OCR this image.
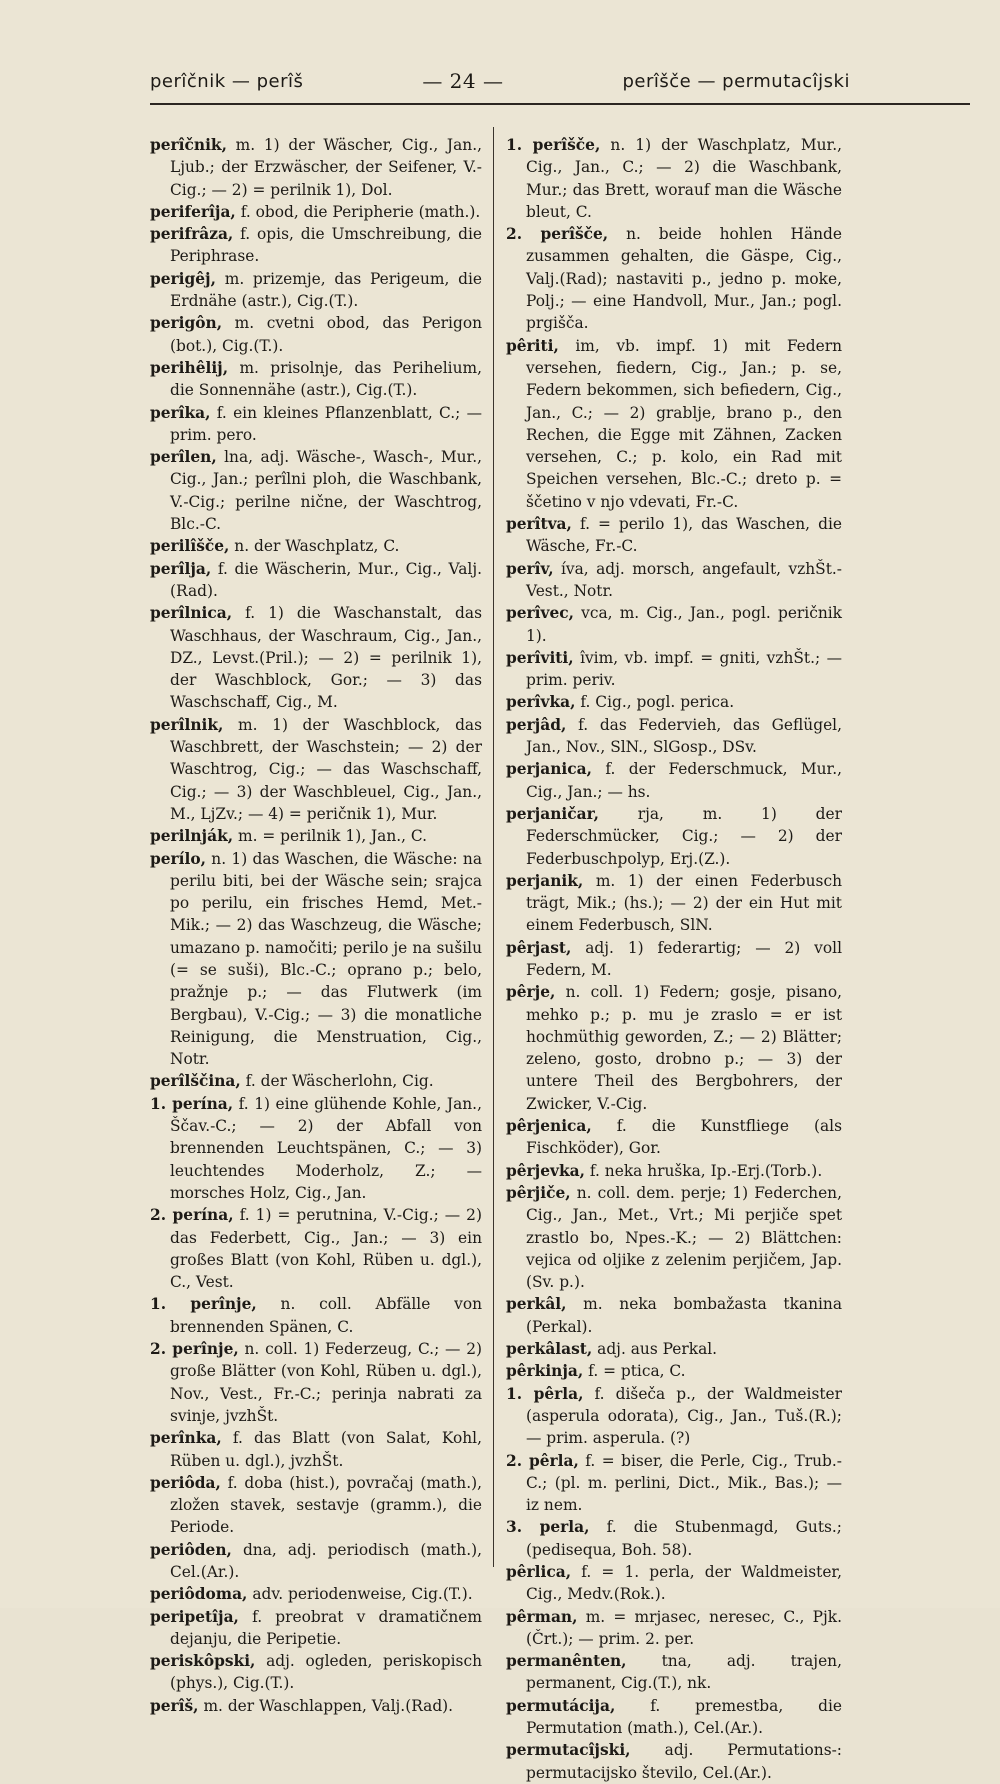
perîčnik — perîš	— 24 —	perîšče — permutacîjski
perîčnik, m. 1) der Wäscher, Cig., Jan., Ljub.; der Erzwäscher, der Seifener, V.-Cig.; — 2) = perilnik 1), Dol.
periferîja, f. obod, die Peripherie (math.).
perifrâza, f. opis, die Umschreibung, die Periphrase.
perigêj, m. prizemje, das Perigeum, die Erdnähe (astr.), Cig.(T.).
perigôn, m. cvetni obod, das Perigon (bot.), Cig.(T.).
perihêlij, m. prisolnje, das Perihelium, die Sonnennähe (astr.), Cig.(T.).
perîka, f. ein kleines Pflanzenblatt, C.; — prim. pero.
perîlen, lna, adj. Wäsche-, Wasch-, Mur., Cig., Jan.; perîlni ploh, die Waschbank, V.-Cig.; perilne nične, der Waschtrog, Blc.-C.
perilîšče, n. der Waschplatz, C.
perîlja, f. die Wäscherin, Mur., Cig., Valj.(Rad).
perîlnica, f. 1) die Waschanstalt, das Waschhaus, der Waschraum, Cig., Jan., DZ., Levst.(Pril.); — 2) = perilnik 1), der Waschblock, Gor.; — 3) das Waschschaff, Cig., M.
perîlnik, m. 1) der Waschblock, das Waschbrett, der Waschstein; — 2) der Waschtrog, Cig.; — das Waschschaff, Cig.; — 3) der Waschbleuel, Cig., Jan., M., LjZv.; — 4) = peričnik 1), Mur.
perilnják, m. = perilnik 1), Jan., C.
perílo, n. 1) das Waschen, die Wäsche: na perilu biti, bei der Wäsche sein; srajca po perilu, ein frisches Hemd, Met.-Mik.; — 2) das Waschzeug, die Wäsche; umazano p. namočiti; perilo je na sušilu (= se suši), Blc.-C.; oprano p.; belo, pražnje p.; — das Flutwerk (im Bergbau), V.-Cig.; — 3) die monatliche Reinigung, die Menstruation, Cig., Notr.
perîlščina, f. der Wäscherlohn, Cig.
1. perína, f. 1) eine glühende Kohle, Jan., Ščav.-C.; — 2) der Abfall von brennenden Leuchtspänen, C.; — 3) leuchtendes Moderholz, Z.; — morsches Holz, Cig., Jan.
2. perína, f. 1) = perutnina, V.-Cig.; — 2) das Federbett, Cig., Jan.; — 3) ein großes Blatt (von Kohl, Rüben u. dgl.), C., Vest.
1. perînje, n. coll. Abfälle von brennenden Spänen, C.
2. perînje, n. coll. 1) Federzeug, C.; — 2) große Blätter (von Kohl, Rüben u. dgl.), Nov., Vest., Fr.-C.; perinja nabrati za svinje, jvzhŠt.
perînka, f. das Blatt (von Salat, Kohl, Rüben u. dgl.), jvzhŠt.
periôda, f. doba (hist.), povračaj (math.), zložen stavek, sestavje (gramm.), die Periode.
periôden, dna, adj. periodisch (math.), Cel.(Ar.).
periôdoma, adv. periodenweise, Cig.(T.).
peripetîja, f. preobrat v dramatičnem dejanju, die Peripetie.
periskôpski, adj. ogleden, periskopisch (phys.), Cig.(T.).
perîš, m. der Waschlappen, Valj.(Rad).
1. perîšče, n. 1) der Waschplatz, Mur., Cig., Jan., C.; — 2) die Waschbank, Mur.; das Brett, worauf man die Wäsche bleut, C.
2. perîšče, n. beide hohlen Hände zusammen gehalten, die Gäspe, Cig., Valj.(Rad); nastaviti p., jedno p. moke, Polj.; — eine Handvoll, Mur., Jan.; pogl. prgišča.
pêriti, im, vb. impf. 1) mit Federn versehen, fiedern, Cig., Jan.; p. se, Federn bekommen, sich befiedern, Cig., Jan., C.; — 2) grablje, brano p., den Rechen, die Egge mit Zähnen, Zacken versehen, C.; p. kolo, ein Rad mit Speichen versehen, Blc.-C.; dreto p. = ščetino v njo vdevati, Fr.-C.
perîtva, f. = perilo 1), das Waschen, die Wäsche, Fr.-C.
perîv, íva, adj. morsch, angefault, vzhŠt.-Vest., Notr.
perîvec, vca, m. Cig., Jan., pogl. peričnik 1).
perîviti, îvim, vb. impf. = gniti, vzhŠt.; — prim. periv.
perîvka, f. Cig., pogl. perica.
perjâd, f. das Federvieh, das Geflügel, Jan., Nov., SlN., SlGosp., DSv.
perjanica, f. der Federschmuck, Mur., Cig., Jan.; — hs.
perjaničar,	rja, m. 1) der Federschmücker, Cig.; — 2) der Federbuschpolyp, Erj.(Z.).
perjanik, m. 1) der einen Federbusch trägt, Mik.; (hs.); — 2) der ein Hut mit einem Federbusch, SlN.
pêrjast, adj. 1) federartig; — 2) voll Federn, M.
pêrje, n. coll. 1) Federn; gosje, pisano, mehko p.; p. mu je zraslo = er ist hochmüthig geworden, Z.; — 2) Blätter; zeleno, gosto, drobno p.; — 3) der untere Theil des Bergbohrers, der Zwicker, V.-Cig.
pêrjenica, f. die Kunstfliege (als Fischköder), Gor.
pêrjevka, f. neka hruška, Ip.-Erj.(Torb.).
pêrjiče, n. coll. dem. perje; 1) Federchen, Cig., Jan., Met., Vrt.; Mi perjiče spet zrastlo bo, Npes.-K.; — 2) Blättchen: vejica od oljike z zelenim perjičem, Jap.(Sv. p.).
perkâl, m. neka bombažasta tkanina (Perkal).
perkâlast, adj. aus Perkal.
pêrkinja, f. = ptica, C.
1. pêrla, f. dišeča p., der Waldmeister (asperula odorata), Cig., Jan., Tuš.(R.); — prim. asperula. (?)
2. pêrla, f. = biser, die Perle, Cig., Trub.-C.; (pl. m. perlini, Dict., Mik., Bas.); — iz nem.
3. perla, f. die Stubenmagd, Guts.; (pedisequa, Boh. 58).
pêrlica, f. = 1. perla, der Waldmeister, Cig., Medv.(Rok.).
pêrman, m. = mrjasec, neresec, C., Pjk.(Črt.); — prim. 2. per.
permanênten, tna, adj. trajen, permanent, Cig.(T.), nk.
permutácija, f. premestba, die Permutation (math.), Cel.(Ar.).
permutacîjski, adj. Permutations-: permutacijsko število, Cel.(Ar.).
